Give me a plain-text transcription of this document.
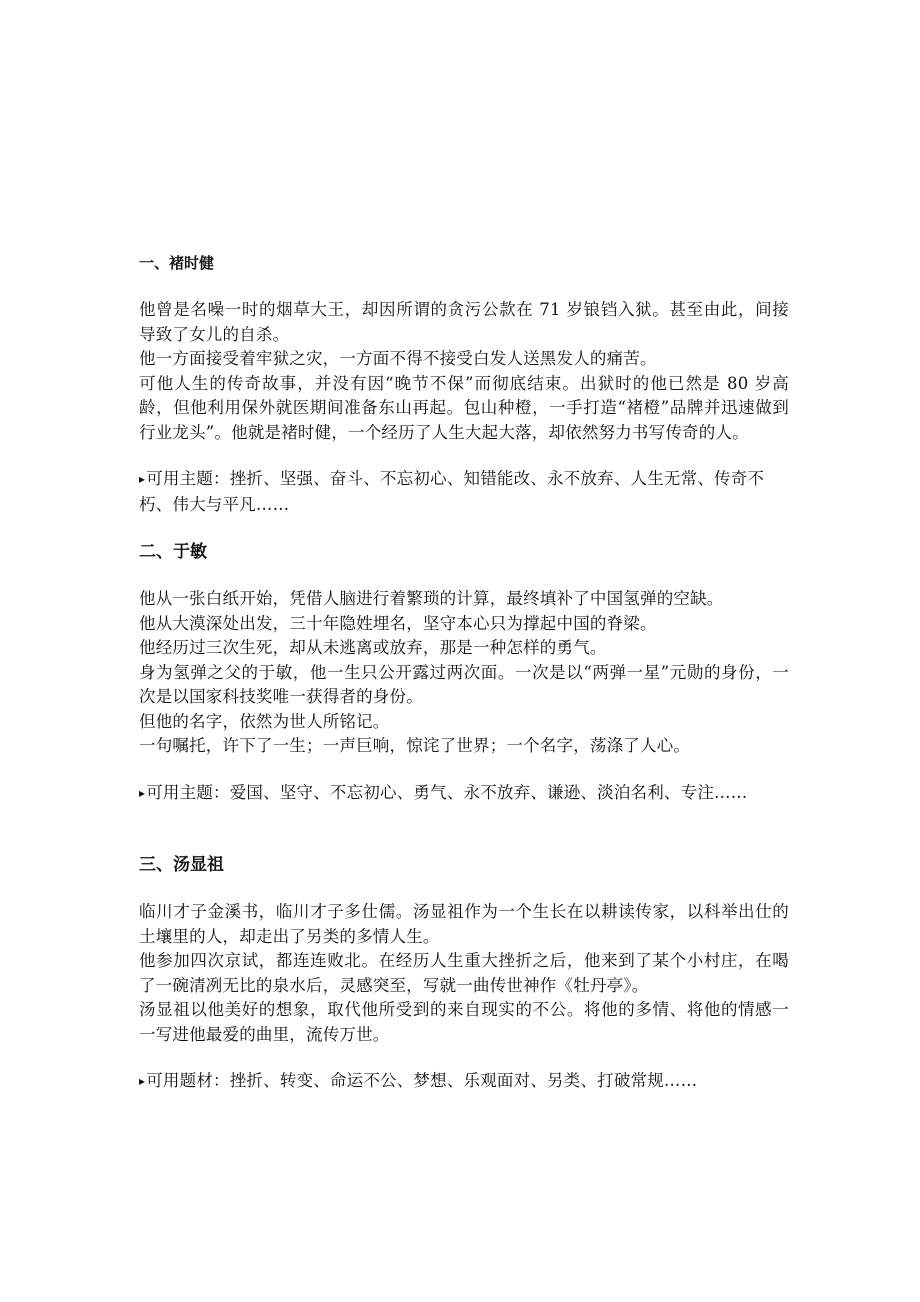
一、褚时健

他曾是名噪一时的烟草大王，却因所谓的贪污公款在 71 岁锒铛入狱。甚至由此，间接导致了女儿的自杀。

他一方面接受着牢狱之灾，一方面不得不接受白发人送黑发人的痛苦。

可他人生的传奇故事，并没有因“晚节不保”而彻底结束。出狱时的他已然是 80 岁高龄，但他利用保外就医期间准备东山再起。包山种橙，一手打造“褚橙”品牌并迅速做到行业龙头”。他就是褚时健，一个经历了人生大起大落，却依然努力书写传奇的人。

▸可用主题：挫折、坚强、奋斗、不忘初心、知错能改、永不放弃、人生无常、传奇不朽、伟大与平凡……

二、于敏

他从一张白纸开始，凭借人脑进行着繁琐的计算，最终填补了中国氢弹的空缺。

他从大漠深处出发，三十年隐姓埋名，坚守本心只为撑起中国的脊梁。

他经历过三次生死，却从未逃离或放弃，那是一种怎样的勇气。

身为氢弹之父的于敏，他一生只公开露过两次面。一次是以“两弹一星”元勋的身份，一次是以国家科技奖唯一获得者的身份。

但他的名字，依然为世人所铭记。

一句嘱托，许下了一生；一声巨响，惊诧了世界；一个名字，荡涤了人心。

▸可用主题：爱国、坚守、不忘初心、勇气、永不放弃、谦逊、淡泊名利、专注……

三、汤显祖

临川才子金溪书，临川才子多仕儒。汤显祖作为一个生长在以耕读传家，以科举出仕的土壤里的人，却走出了另类的多情人生。

他参加四次京试，都连连败北。在经历人生重大挫折之后，他来到了某个小村庄，在喝了一碗清冽无比的泉水后，灵感突至，写就一曲传世神作《牡丹亭》。

汤显祖以他美好的想象，取代他所受到的来自现实的不公。将他的多情、将他的情感一一写进他最爱的曲里，流传万世。

▸可用题材：挫折、转变、命运不公、梦想、乐观面对、另类、打破常规……
